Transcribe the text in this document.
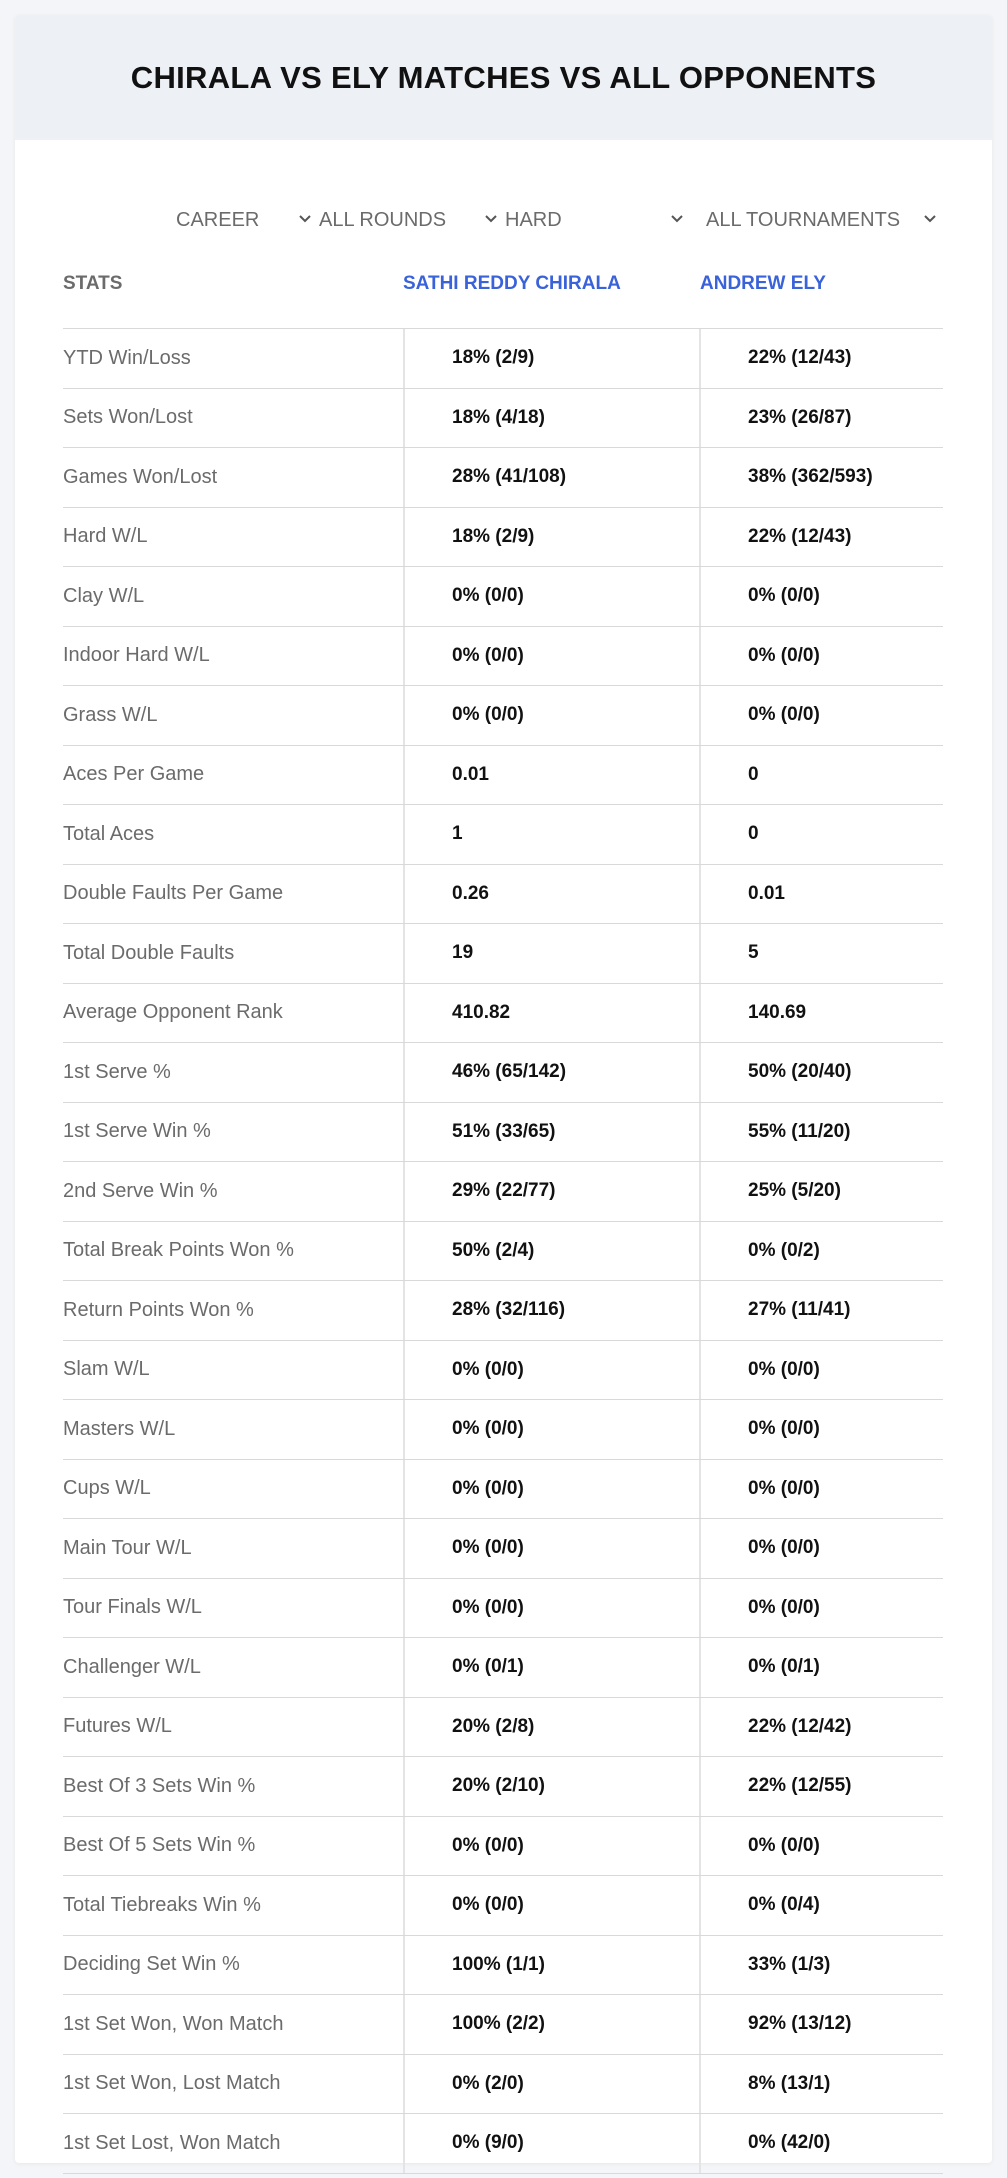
CHIRALA VS ELY MATCHES VS ALL OPPONENTS
CAREER	ALL ROUNDS	HARD	ALL TOURNAMENTS
STATS	SATHI REDDY CHIRALA	ANDREW ELY
YTD Win/Loss	18% (2/9)	22% (12/43)
Sets Won/Lost	18% (4/18)	23% (26/87)
Games Won/Lost	28% (41/108)	38% (362/593)
Hard W/L	18% (2/9)	22% (12/43)
Clay W/L	0% (0/0)	0% (0/0)
Indoor Hard W/L	0% (0/0)	0% (0/0)
Grass W/L	0% (0/0)	0% (0/0)
Aces Per Game	0.01	0
Total Aces	1	0
Double Faults Per Game	0.26	0.01
Total Double Faults	19	5
Average Opponent Rank	410.82	140.69
1st Serve %	46% (65/142)	50% (20/40)
1st Serve Win %	51% (33/65)	55% (11/20)
2nd Serve Win %	29% (22/77)	25% (5/20)
Total Break Points Won %	50% (2/4)	0% (0/2)
Return Points Won %	28% (32/116)	27% (11/41)
Slam W/L	0% (0/0)	0% (0/0)
Masters W/L	0% (0/0)	0% (0/0)
Cups W/L	0% (0/0)	0% (0/0)
Main Tour W/L	0% (0/0)	0% (0/0)
Tour Finals W/L	0% (0/0)	0% (0/0)
Challenger W/L	0% (0/1)	0% (0/1)
Futures W/L	20% (2/8)	22% (12/42)
Best Of 3 Sets Win %	20% (2/10)	22% (12/55)
Best Of 5 Sets Win %	0% (0/0)	0% (0/0)
Total Tiebreaks Win %	0% (0/0)	0% (0/4)
Deciding Set Win %	100% (1/1)	33% (1/3)
1st Set Won, Won Match	100% (2/2)	92% (13/12)
1st Set Won, Lost Match	0% (2/0)	8% (13/1)
1st Set Lost, Won Match	0% (9/0)	0% (42/0)
